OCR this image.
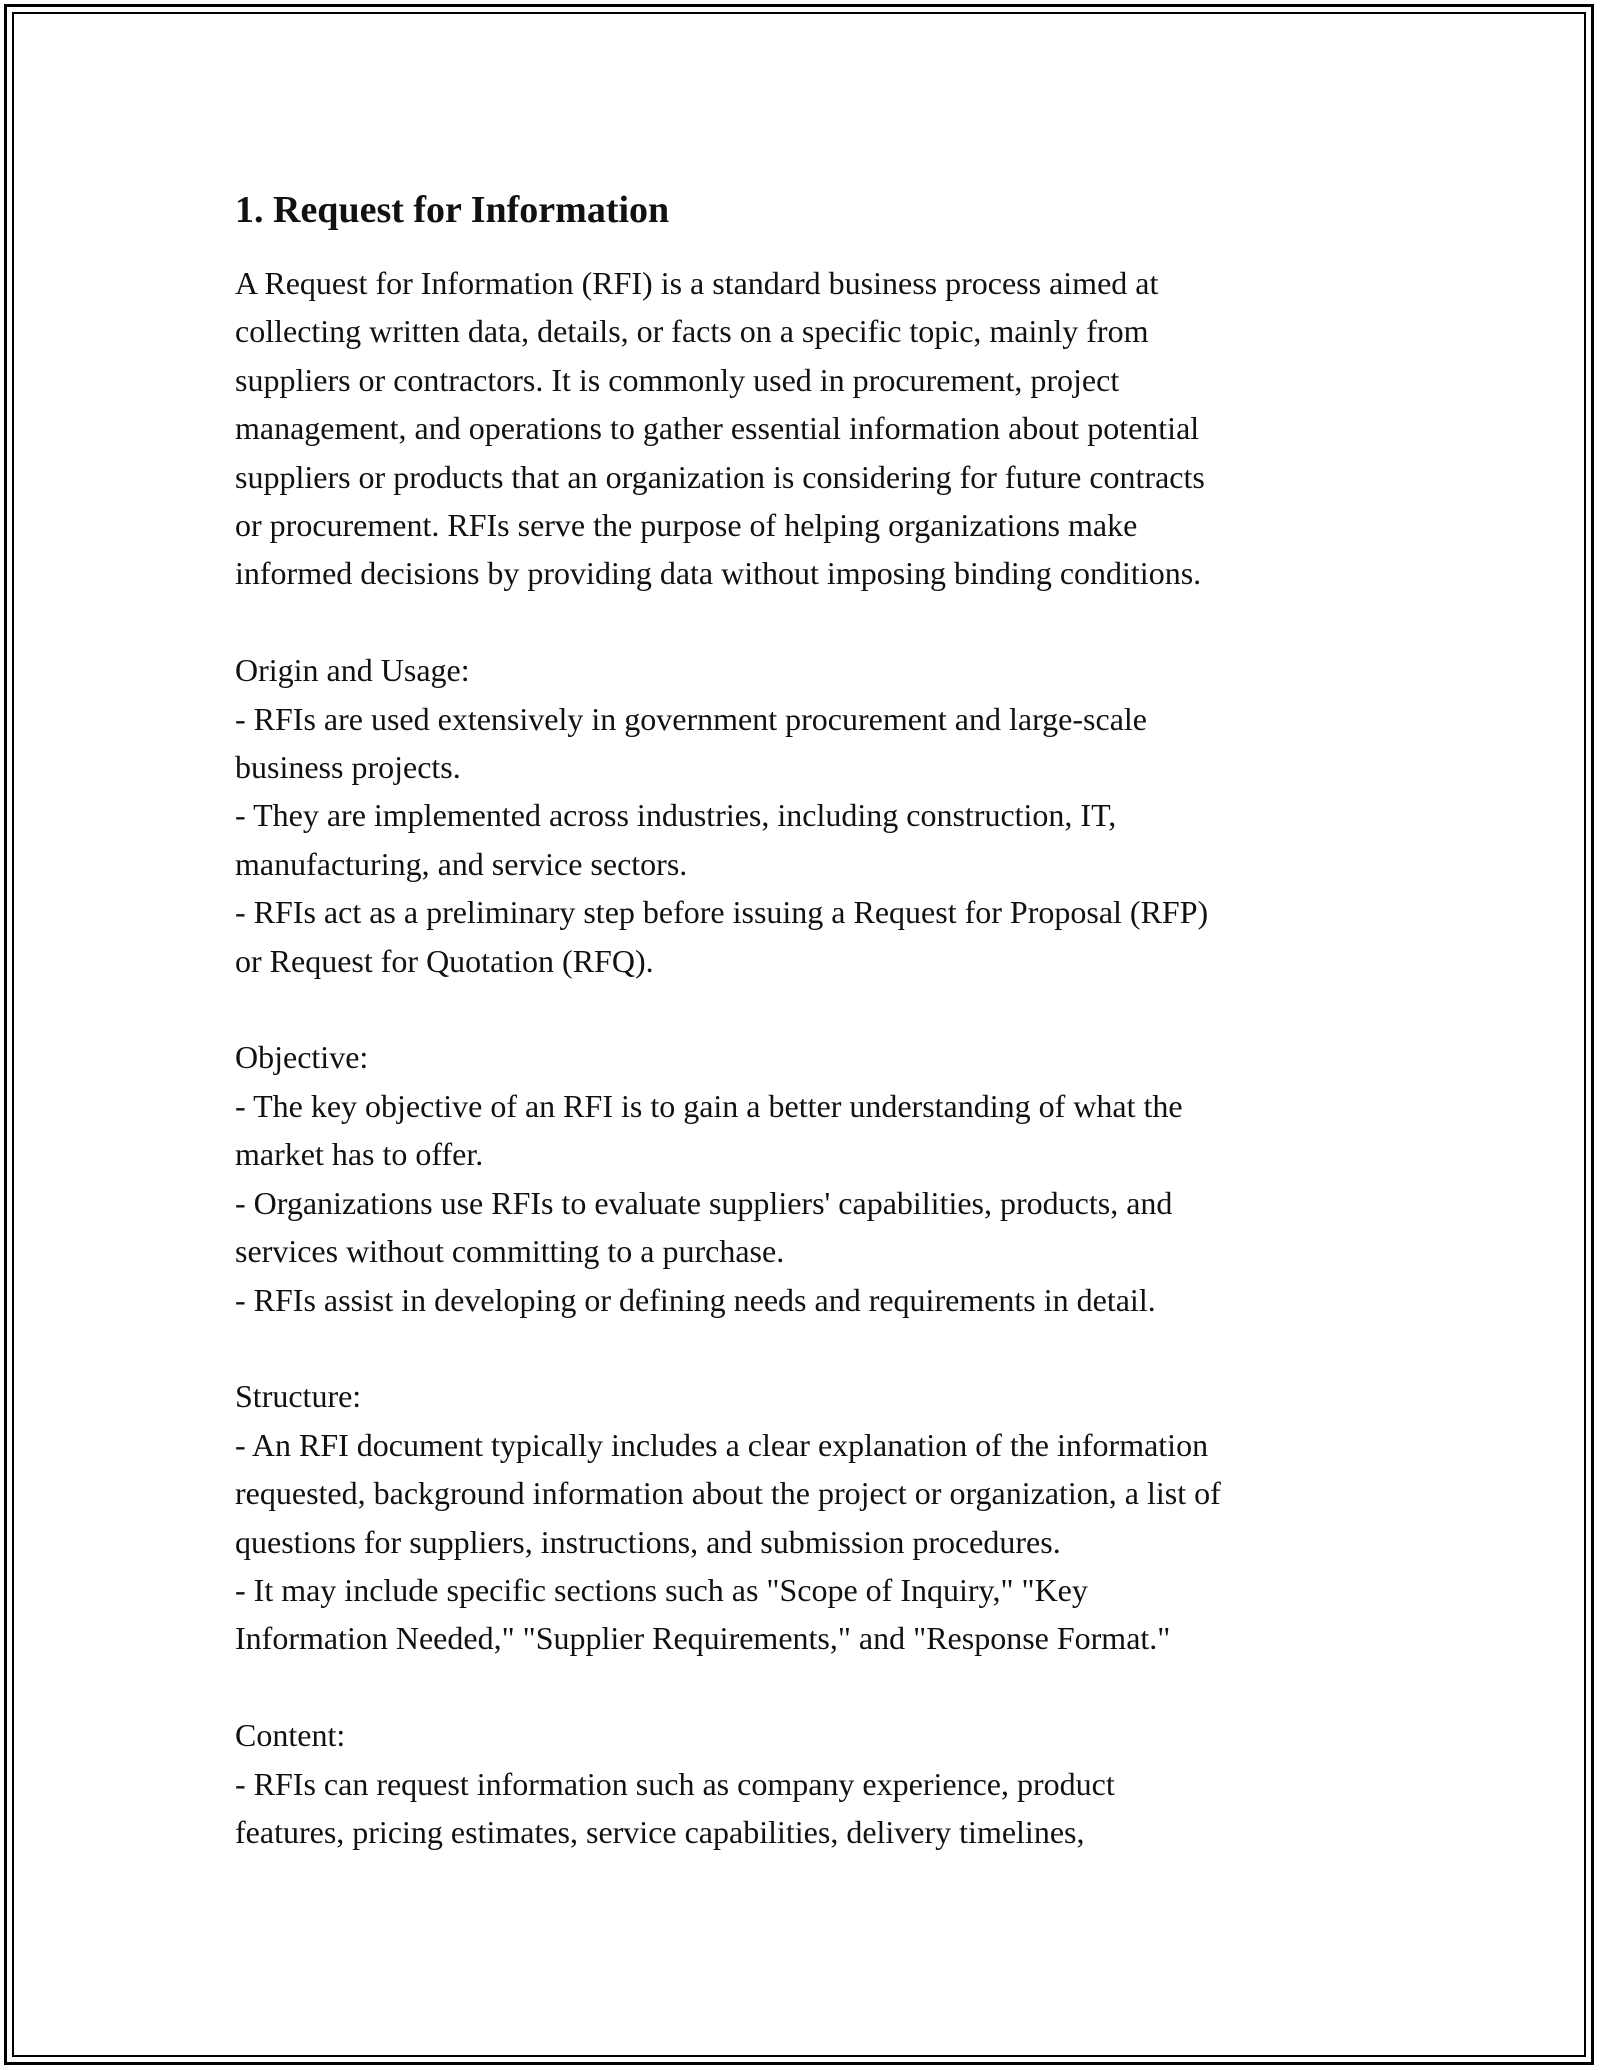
1. Request for Information

A Request for Information (RFI) is a standard business process aimed at
collecting written data, details, or facts on a specific topic, mainly from
suppliers or contractors. It is commonly used in procurement, project
management, and operations to gather essential information about potential
suppliers or products that an organization is considering for future contracts
or procurement. RFIs serve the purpose of helping organizations make
informed decisions by providing data without imposing binding conditions.

Origin and Usage:
- RFIs are used extensively in government procurement and large-scale
business projects.
- They are implemented across industries, including construction, IT,
manufacturing, and service sectors.
- RFIs act as a preliminary step before issuing a Request for Proposal (RFP)
or Request for Quotation (RFQ).
Objective:
- The key objective of an RFI is to gain a better understanding of what the
market has to offer.
- Organizations use RFIs to evaluate suppliers' capabilities, products, and
services without committing to a purchase.
- RFIs assist in developing or defining needs and requirements in detail.
Structure:
- An RFI document typically includes a clear explanation of the information
requested, background information about the project or organization, a list of
questions for suppliers, instructions, and submission procedures.
- It may include specific sections such as "Scope of Inquiry," "Key
Information Needed," "Supplier Requirements," and "Response Format."
Content:
- RFIs can request information such as company experience, product
features, pricing estimates, service capabilities, delivery timelines,
